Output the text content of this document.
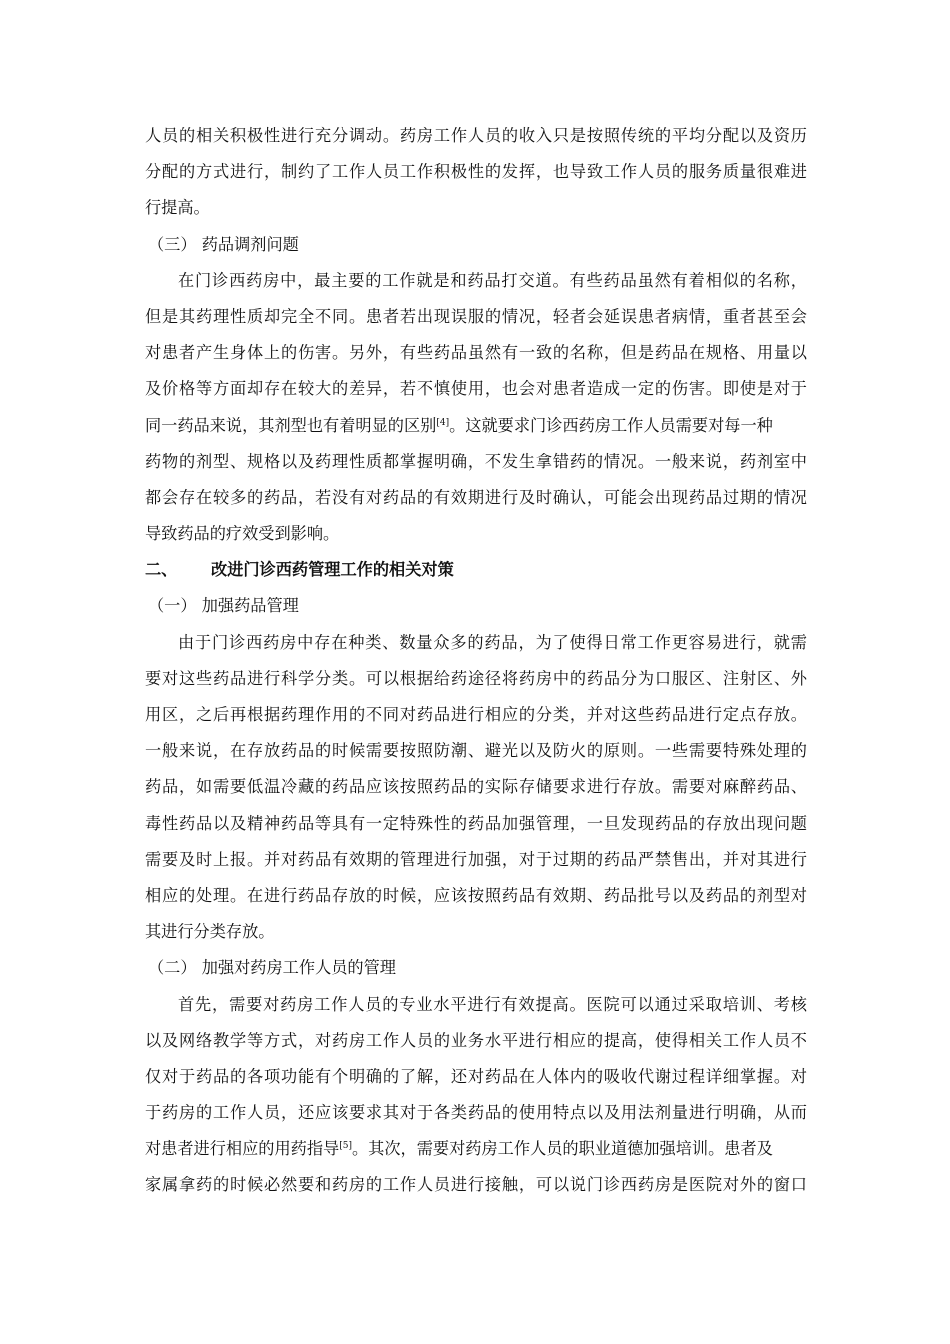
人员的相关积极性进行充分调动。药房工作人员的收入只是按照传统的平均分配以及资历
分配的方式进行，制约了工作人员工作积极性的发挥，也导致工作人员的服务质量很难进
行提高。
（三） 药品调剂问题
在门诊西药房中，最主要的工作就是和药品打交道。有些药品虽然有着相似的名称，
但是其药理性质却完全不同。患者若出现误服的情况，轻者会延误患者病情，重者甚至会
对患者产生身体上的伤害。另外，有些药品虽然有一致的名称，但是药品在规格、用量以
及价格等方面却存在较大的差异，若不慎使用，也会对患者造成一定的伤害。即使是对于
同一药品来说，其剂型也有着明显的区别[4]。这就要求门诊西药房工作人员需要对每一种
药物的剂型、规格以及药理性质都掌握明确，不发生拿错药的情况。一般来说，药剂室中
都会存在较多的药品，若没有对药品的有效期进行及时确认，可能会出现药品过期的情况
导致药品的疗效受到影响。
二、 改进门诊西药管理工作的相关对策
（一） 加强药品管理
由于门诊西药房中存在种类、数量众多的药品，为了使得日常工作更容易进行，就需
要对这些药品进行科学分类。可以根据给药途径将药房中的药品分为口服区、注射区、外
用区，之后再根据药理作用的不同对药品进行相应的分类，并对这些药品进行定点存放。
一般来说，在存放药品的时候需要按照防潮、避光以及防火的原则。一些需要特殊处理的
药品，如需要低温冷藏的药品应该按照药品的实际存储要求进行存放。需要对麻醉药品、
毒性药品以及精神药品等具有一定特殊性的药品加强管理，一旦发现药品的存放出现问题
需要及时上报。并对药品有效期的管理进行加强，对于过期的药品严禁售出，并对其进行
相应的处理。在进行药品存放的时候，应该按照药品有效期、药品批号以及药品的剂型对
其进行分类存放。
（二） 加强对药房工作人员的管理
首先，需要对药房工作人员的专业水平进行有效提高。医院可以通过采取培训、考核
以及网络教学等方式，对药房工作人员的业务水平进行相应的提高，使得相关工作人员不
仅对于药品的各项功能有个明确的了解，还对药品在人体内的吸收代谢过程详细掌握。对
于药房的工作人员，还应该要求其对于各类药品的使用特点以及用法剂量进行明确，从而
对患者进行相应的用药指导[5]。其次，需要对药房工作人员的职业道德加强培训。患者及
家属拿药的时候必然要和药房的工作人员进行接触，可以说门诊西药房是医院对外的窗口
